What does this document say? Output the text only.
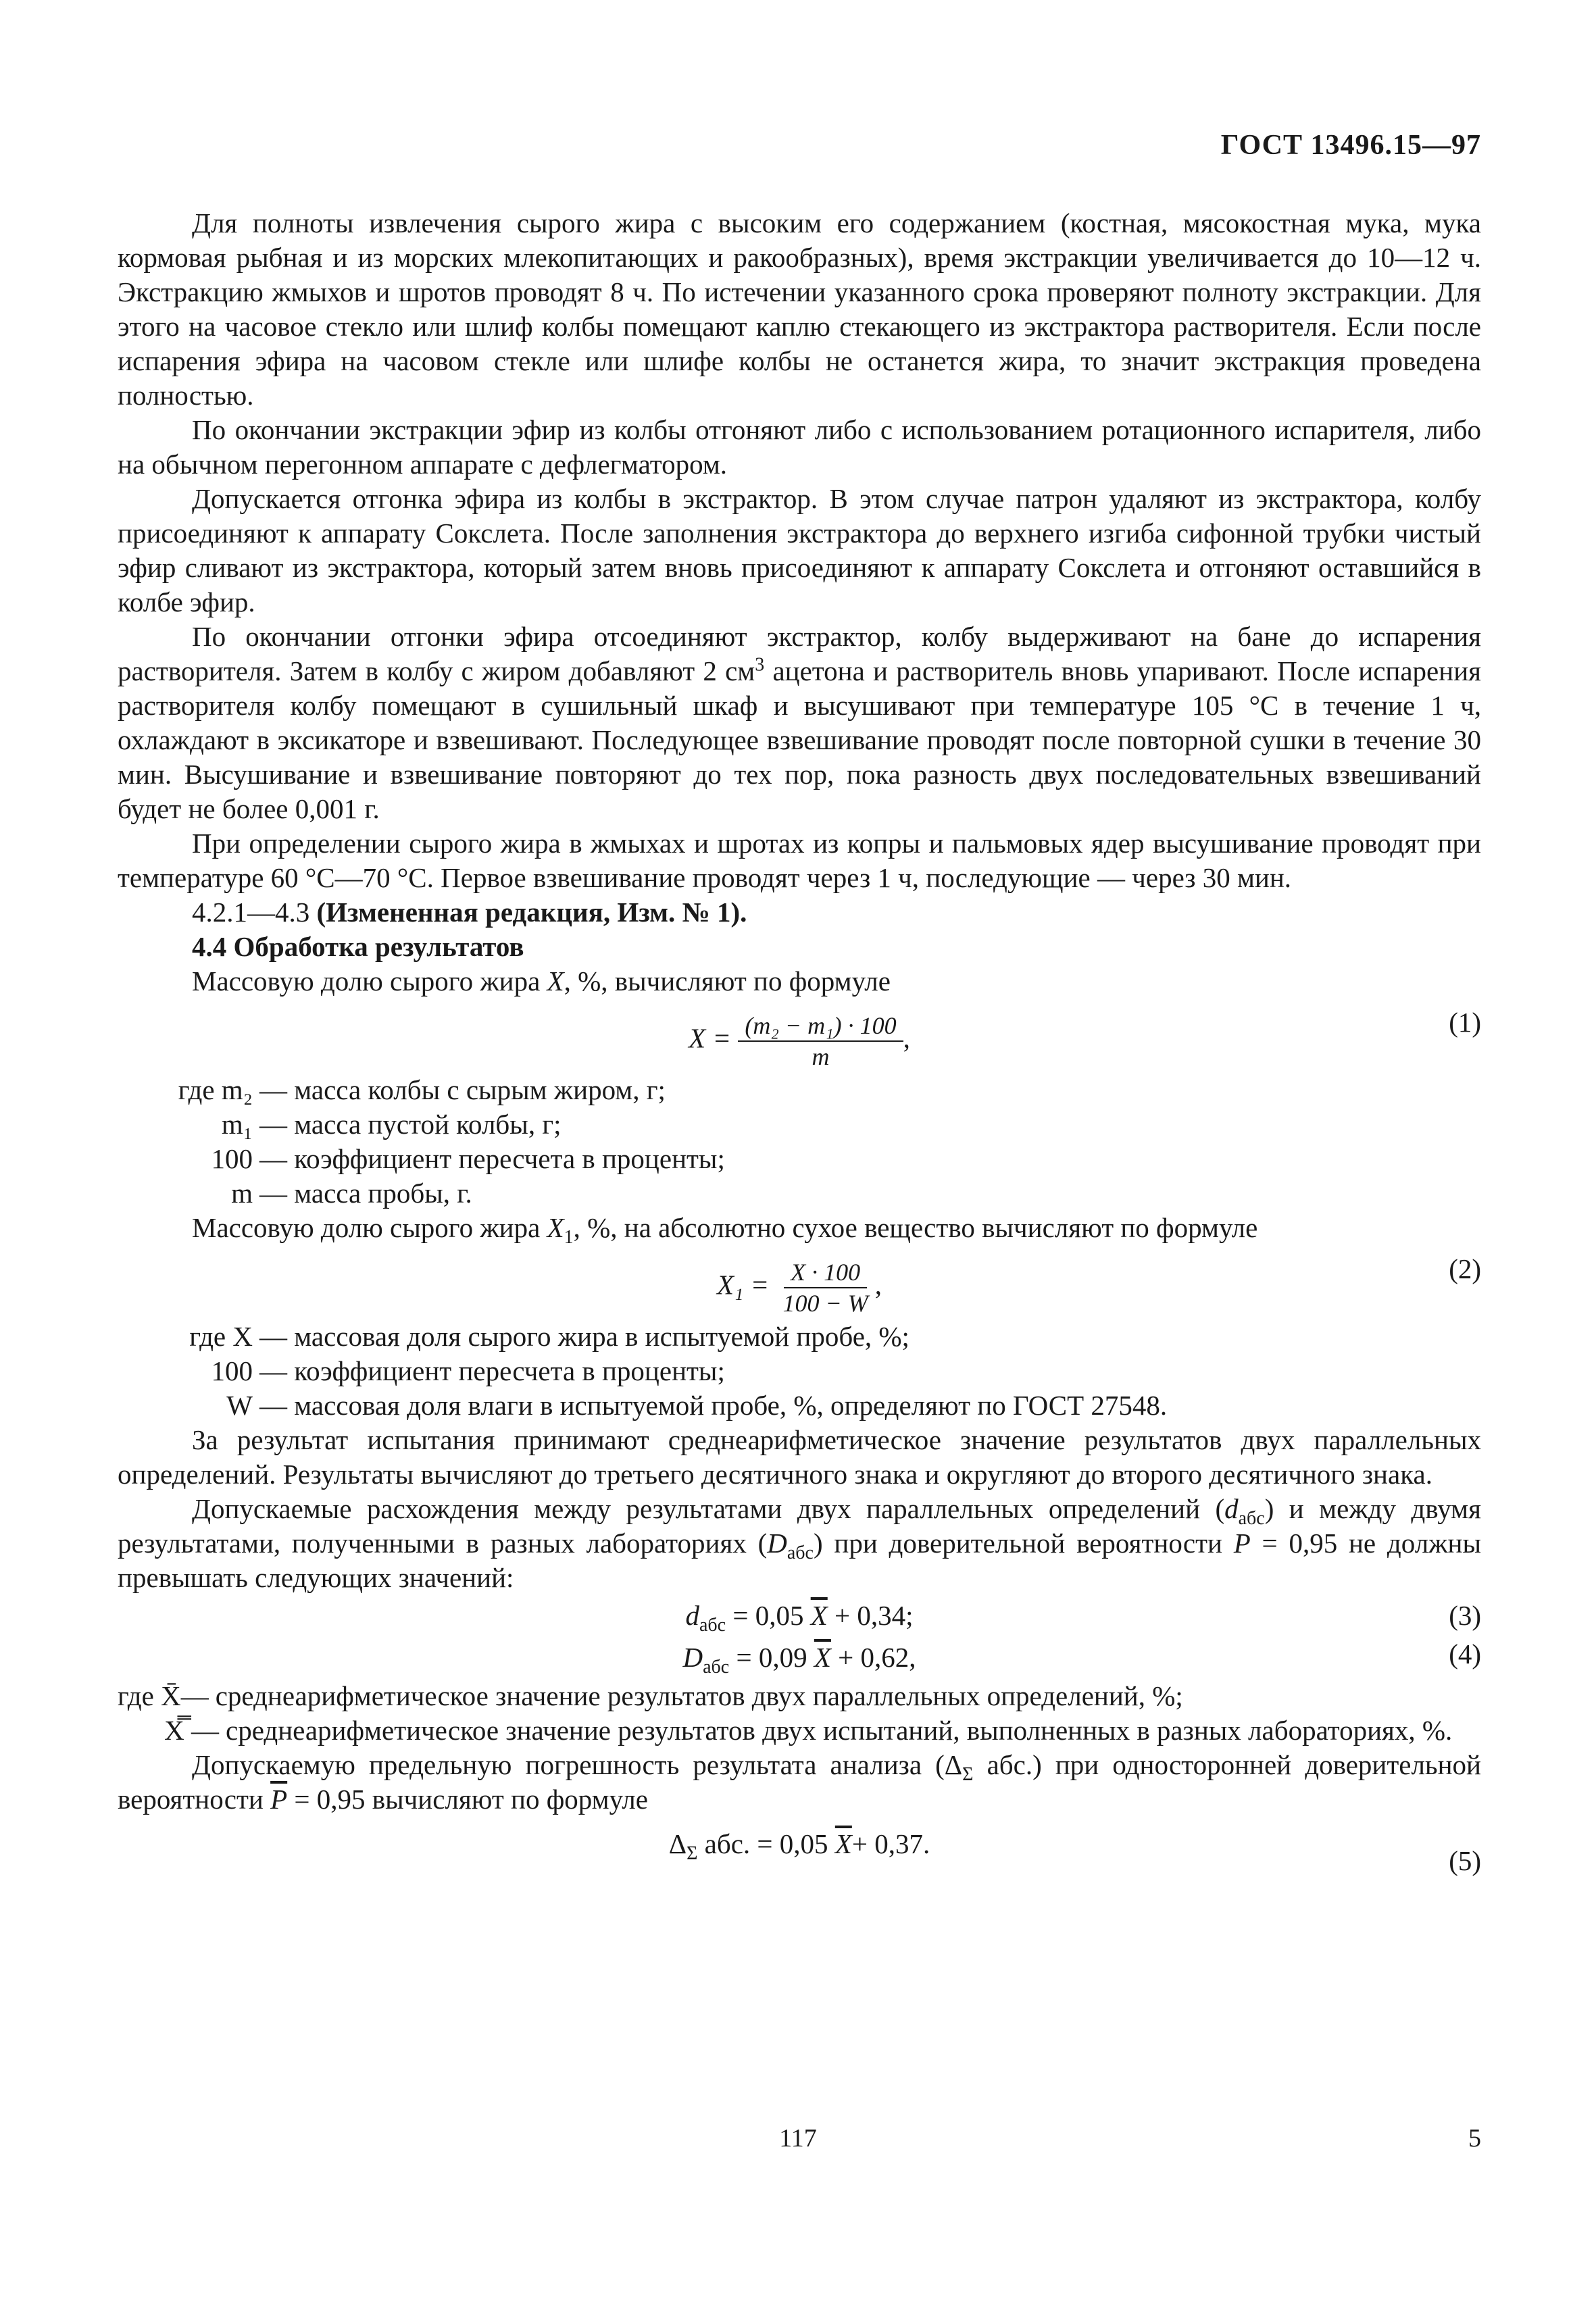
ГОСТ 13496.15—97

Для полноты извлечения сырого жира с высоким его содержанием (костная, мясокостная мука, мука кормовая рыбная и из морских млекопитающих и ракообразных), время экстракции увеличивается до 10—12 ч. Экстракцию жмыхов и шротов проводят 8 ч. По истечении указанного срока проверяют полноту экстракции. Для этого на часовое стекло или шлиф колбы помещают каплю стекающего из экстрактора растворителя. Если после испарения эфира на часовом стекле или шлифе колбы не останется жира, то значит экстракция проведена полностью.

По окончании экстракции эфир из колбы отгоняют либо с использованием ротационного испарителя, либо на обычном перегонном аппарате с дефлегматором.

Допускается отгонка эфира из колбы в экстрактор. В этом случае патрон удаляют из экстрактора, колбу присоединяют к аппарату Сокслета. После заполнения экстрактора до верхнего изгиба сифонной трубки чистый эфир сливают из экстрактора, который затем вновь присоединяют к аппарату Сокслета и отгоняют оставшийся в колбе эфир.

По окончании отгонки эфира отсоединяют экстрактор, колбу выдерживают на бане до испарения растворителя. Затем в колбу с жиром добавляют 2 $см^3$ ацетона и растворитель вновь упаривают. После испарения растворителя колбу помещают в сушильный шкаф и высушивают при температуре 105 °С в течение 1 ч, охлаждают в эксикаторе и взвешивают. Последующее взвешивание проводят после повторной сушки в течение 30 мин. Высушивание и взвешивание повторяют до тех пор, пока разность двух последовательных взвешиваний будет не более 0,001 г.

При определении сырого жира в жмыхах и шротах из копры и пальмовых ядер высушивание проводят при температуре 60 °С—70 °С. Первое взвешивание проводят через 1 ч, последующие — через 30 мин.

4.2.1—4.3 (Измененная редакция, Изм. № 1).

4.4 Обработка результатов

Массовую долю сырого жира X, %, вычисляют по формуле

$X = \frac{\text{(m₂ − m₁) · 100}}{m}$ ,
(1)
где m₂ — масса колбы с сырым жиром, г;
m₁ — масса пустой колбы, г;
100 — коэффициент пересчета в проценты;
m — масса пробы, г.

Массовую долю сырого жира $X_1$, %, на абсолютно сухое вещество вычисляют по формуле

$X_1 = \frac{X \cdot 100}{100 - W}$ ,
(2)
где X — массовая доля сырого жира в испытуемой пробе, %;
100 — коэффициент пересчета в проценты;
W — массовая доля влаги в испытуемой пробе, %, определяют по ГОСТ 27548.

За результат испытания принимают среднеарифметическое значение результатов двух параллельных определений. Результаты вычисляют до третьего десятичного знака и округляют до второго десятичного знака.

Допускаемые расхождения между результатами двух параллельных определений $(d_{абс})$ и между двумя результатами, полученными в разных лабораториях $(D_{абс})$ при доверительной вероятности P = 0,95 не должны превышать следующих значений:

$d_{абс} = 0,05$ $\overline{X} + 0,34$;	(3)
$D_{абс} = 0,09$ $\overline{X} + 0,62$,	(4)
где X̄— среднеарифметическое значение результатов двух параллельных определений, %;
X̿ — среднеарифметическое значение результатов двух испытаний, выполненных в разных лабораториях, %.

Допускаемую предельную погрешность результата анализа ($\Delta_\Sigma$ абс.) при односторонней доверительной вероятности $\overline{P} = 0,95$ вычисляют по формуле

$\Delta_\Sigma$ абс. = 0,05 $\overline{X}+ 0,37$.
(5)
117	5
